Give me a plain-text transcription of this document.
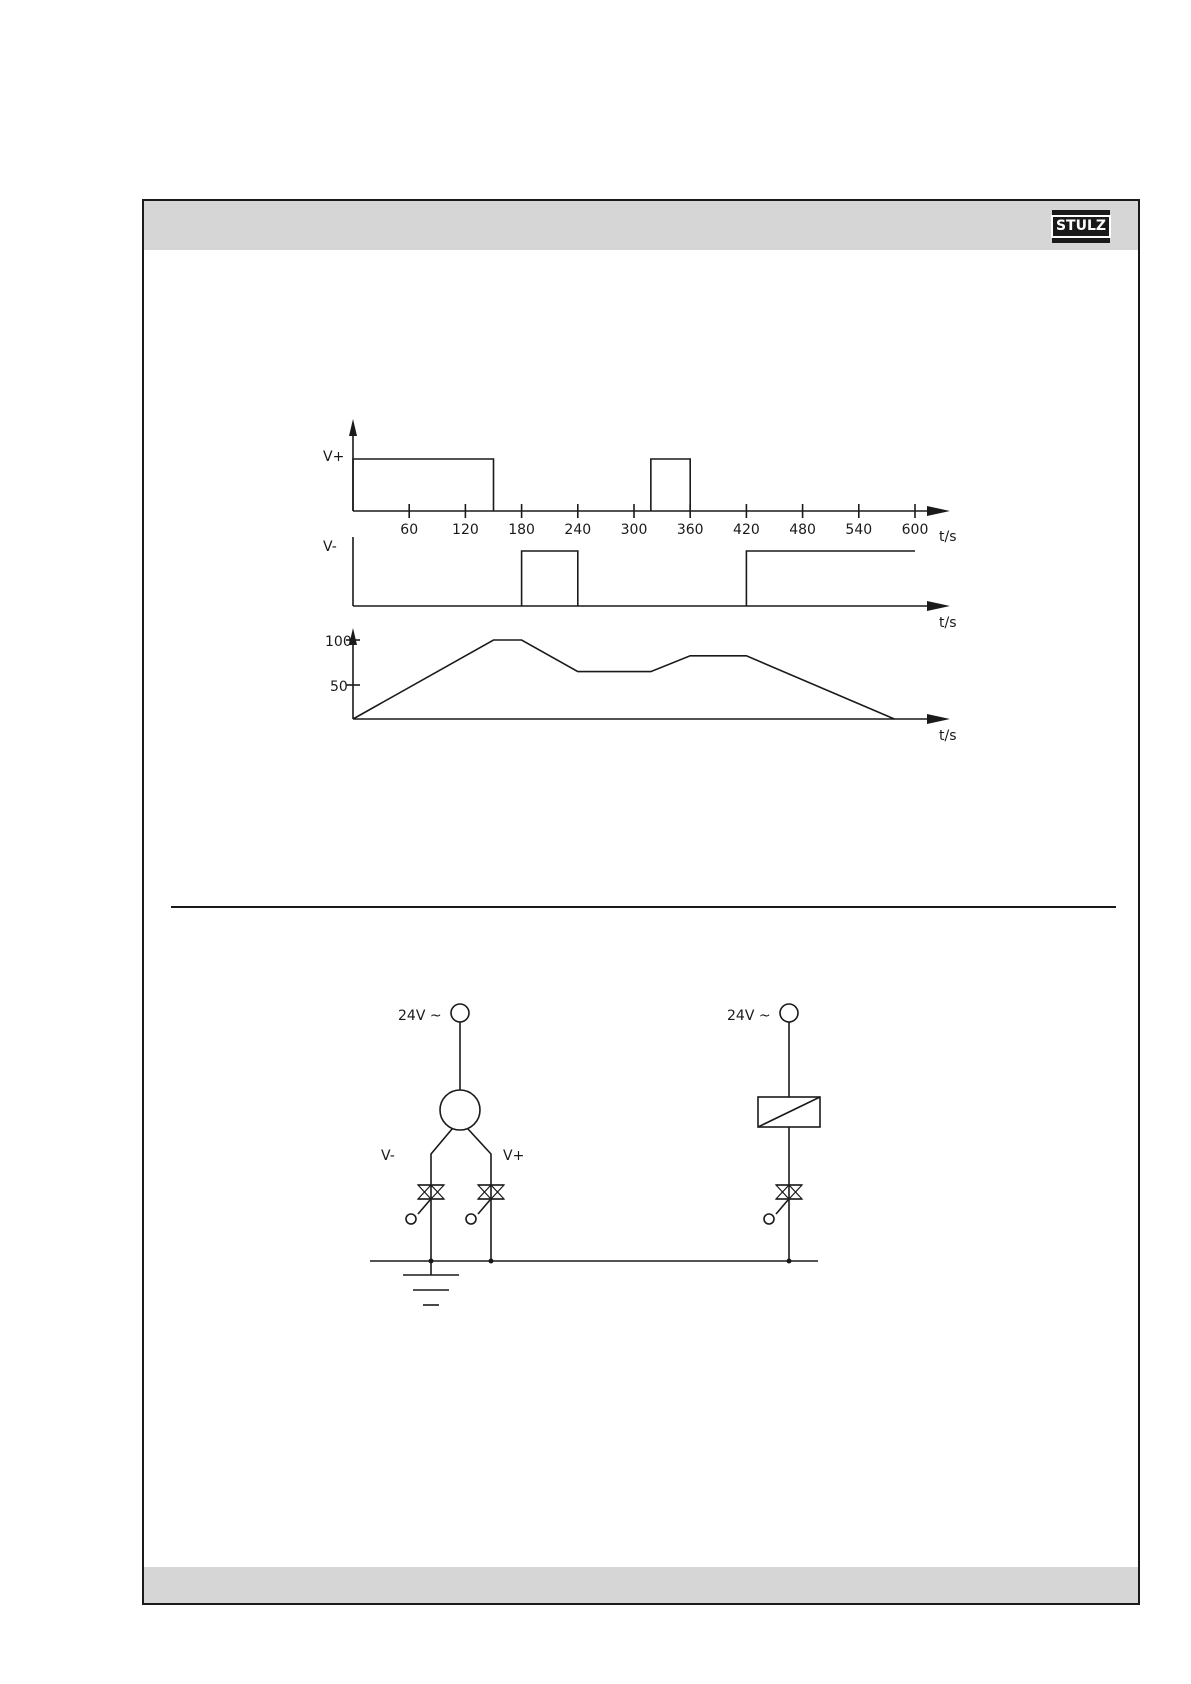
STULZ
V+
60 120 180 240 300 360 420 480 540 600 t/s
V-
t/s
100
50
t/s
24V ~
V-	V+
24V ~
